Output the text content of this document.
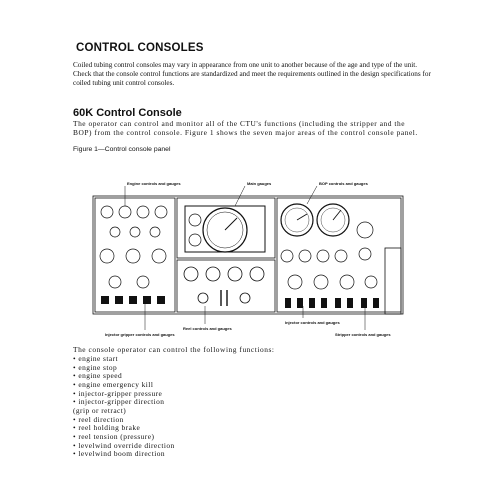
CONTROL CONSOLES
Coiled tubing control consoles may vary in appearance from one unit to another because of the age and type of the unit. Check that the console control functions are standardized and meet the requirements outlined in the design specifications for coiled tubing unit control consoles.
60K Control Console
The operator can control and monitor all of the CTU's functions (including the stripper and the BOP) from the control console. Figure 1 shows the seven major areas of the control console panel.
Figure 1—Control console panel
Engine controls and gauges	Main gauges	BOP controls and gauges
Injector gripper controls and gauges
Reel controls and gauges
Injector controls and gauges
Stripper controls and gauges
The console operator can control the following functions:
• engine start
• engine stop
• engine speed
• engine emergency kill
• injector-gripper pressure
• injector-gripper direction
(grip or retract)
• reel direction
• reel holding brake
• reel tension (pressure)
• levelwind override direction
• levelwind boom direction
